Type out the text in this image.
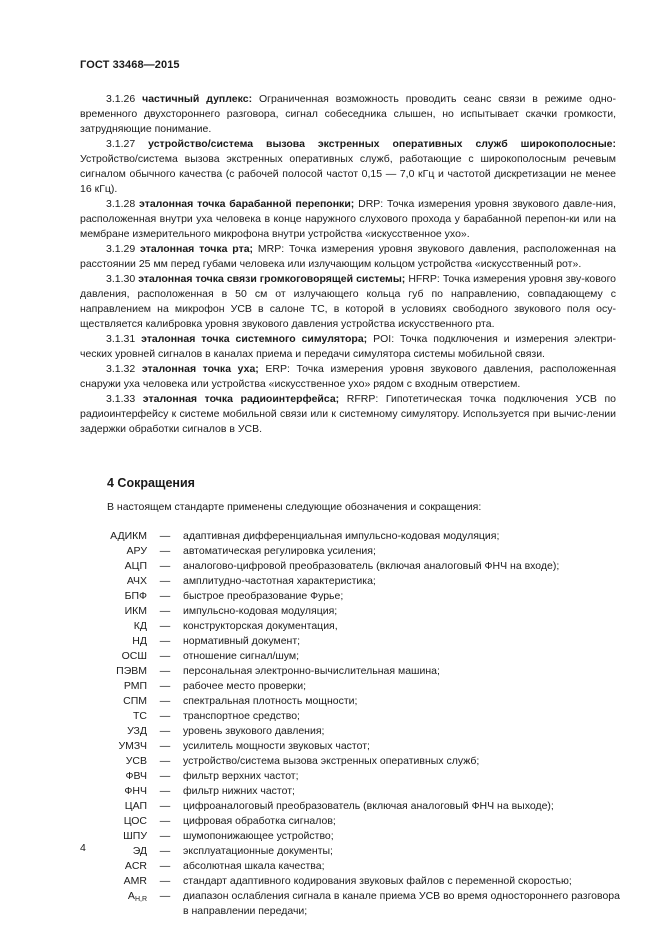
ГОСТ 33468—2015

3.1.26 частичный дуплекс: Ограниченная возможность проводить сеанс связи в режиме одно-временного двухстороннего разговора, сигнал собеседника слышен, но испытывает скачки громкости, затрудняющие понимание.

3.1.27 устройство/система вызова экстренных оперативных служб широкополосные: Устройство/система вызова экстренных оперативных служб, работающие с широкополосным речевым сигналом обычного качества (с рабочей полосой частот 0,15 — 7,0 кГц и частотой дискретизации не менее 16 кГц).

3.1.28 эталонная точка барабанной перепонки; DRP: Точка измерения уровня звукового давле-ния, расположенная внутри уха человека в конце наружного слухового прохода у барабанной перепон-ки или на мембране измерительного микрофона внутри устройства «искусственное ухо».

3.1.29 эталонная точка рта; MRP: Точка измерения уровня звукового давления, расположенная на расстоянии 25 мм перед губами человека или излучающим кольцом устройства «искусственный рот».

3.1.30 эталонная точка связи громкоговорящей системы; HFRP: Точка измерения уровня зву-кового давления, расположенная в 50 см от излучающего кольца губ по направлению, совпадающему с направлением на микрофон УСВ в салоне ТС, в которой в условиях свободного звукового поля осу-ществляется калибровка уровня звукового давления устройства искусственного рта.

3.1.31 эталонная точка системного симулятора; POI: Точка подключения и измерения электри-ческих уровней сигналов в каналах приема и передачи симулятора системы мобильной связи.

3.1.32 эталонная точка уха; ERP: Точка измерения уровня звукового давления, расположенная снаружи уха человека или устройства «искусственное ухо» рядом с входным отверстием.

3.1.33 эталонная точка радиоинтерфейса; RFRP: Гипотетическая точка подключения УСВ по радиоинтерфейсу к системе мобильной связи или к системному симулятору. Используется при вычис-лении задержки обработки сигналов в УСВ.

4 Сокращения
В настоящем стандарте применены следующие обозначения и сокращения:
АДИКМ	—	адаптивная дифференциальная импульсно-кодовая модуляция;
АРУ	—	автоматическая регулировка усиления;
АЦП	—	аналогово-цифровой преобразователь (включая аналоговый ФНЧ на входе);
АЧХ	—	амплитудно-частотная характеристика;
БПФ	—	быстрое преобразование Фурье;
ИКМ	—	импульсно-кодовая модуляция;
КД	—	конструкторская документация,
НД	—	нормативный документ;
ОСШ	—	отношение сигнал/шум;
ПЭВМ	—	персональная электронно-вычислительная машина;
РМП	—	рабочее место проверки;
СПМ	—	спектральная плотность мощности;
ТС	—	транспортное средство;
УЗД	—	уровень звукового давления;
УМЗЧ	—	усилитель мощности звуковых частот;
УСВ	—	устройство/система вызова экстренных оперативных служб;
ФВЧ	—	фильтр верхних частот;
ФНЧ	—	фильтр нижних частот;
ЦАП	—	цифроаналоговый преобразователь (включая аналоговый ФНЧ на выходе);
ЦОС	—	цифровая обработка сигналов;
ШПУ	—	шумопонижающее устройство;
ЭД	—	эксплуатационные документы;
ACR	—	абсолютная шкала качества;
AMR	—	стандарт адаптивного кодирования звуковых файлов с переменной скоростью;
$A_{H,R}$	—	диапазон ослабления сигнала в канале приема УСВ во время одностороннего разговора в направлении передачи;
4
